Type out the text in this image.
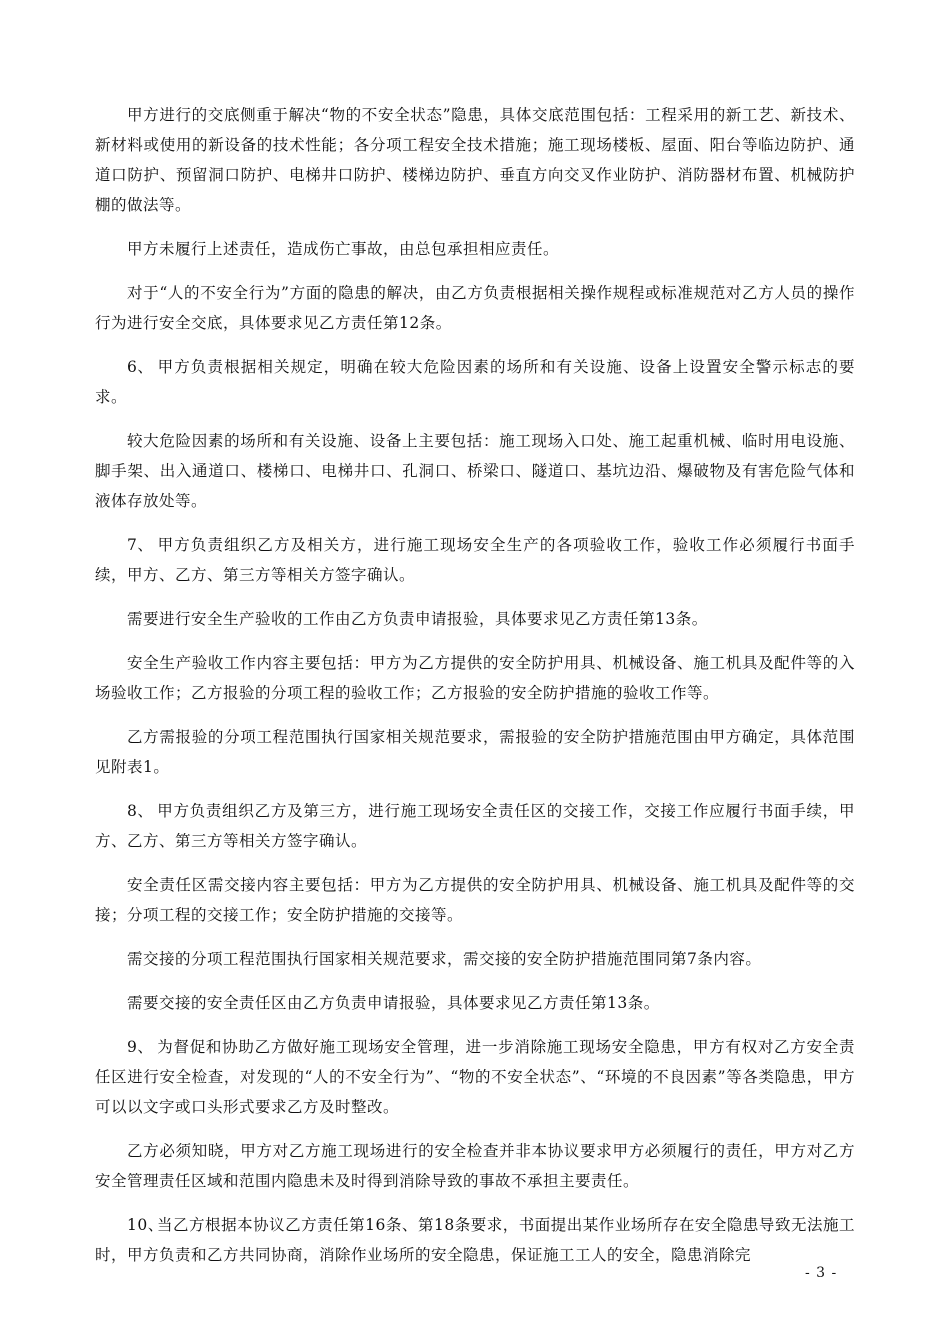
甲方进行的交底侧重于解决“物的不安全状态”隐患，具体交底范围包括：工程采用的新工艺、新技术、新材料或使用的新设备的技术性能；各分项工程安全技术措施；施工现场楼板、屋面、阳台等临边防护、通道口防护、预留洞口防护、电梯井口防护、楼梯边防护、垂直方向交叉作业防护、消防器材布置、机械防护棚的做法等。

甲方未履行上述责任，造成伤亡事故，由总包承担相应责任。

对于“人的不安全行为”方面的隐患的解决，由乙方负责根据相关操作规程或标准规范对乙方人员的操作行为进行安全交底，具体要求见乙方责任第12条。

6、 甲方负责根据相关规定，明确在较大危险因素的场所和有关设施、设备上设置安全警示标志的要求。

较大危险因素的场所和有关设施、设备上主要包括：施工现场入口处、施工起重机械、临时用电设施、脚手架、出入通道口、楼梯口、电梯井口、孔洞口、桥梁口、隧道口、基坑边沿、爆破物及有害危险气体和液体存放处等。

7、 甲方负责组织乙方及相关方，进行施工现场安全生产的各项验收工作，验收工作必须履行书面手续，甲方、乙方、第三方等相关方签字确认。

需要进行安全生产验收的工作由乙方负责申请报验，具体要求见乙方责任第13条。

安全生产验收工作内容主要包括：甲方为乙方提供的安全防护用具、机械设备、施工机具及配件等的入场验收工作；乙方报验的分项工程的验收工作；乙方报验的安全防护措施的验收工作等。

乙方需报验的分项工程范围执行国家相关规范要求，需报验的安全防护措施范围由甲方确定，具体范围见附表1。

8、 甲方负责组织乙方及第三方，进行施工现场安全责任区的交接工作，交接工作应履行书面手续，甲方、乙方、第三方等相关方签字确认。

安全责任区需交接内容主要包括：甲方为乙方提供的安全防护用具、机械设备、施工机具及配件等的交接；分项工程的交接工作；安全防护措施的交接等。

需交接的分项工程范围执行国家相关规范要求，需交接的安全防护措施范围同第7条内容。

需要交接的安全责任区由乙方负责申请报验，具体要求见乙方责任第13条。

9、 为督促和协助乙方做好施工现场安全管理，进一步消除施工现场安全隐患，甲方有权对乙方安全责任区进行安全检查，对发现的“人的不安全行为”、“物的不安全状态”、“环境的不良因素”等各类隐患，甲方可以以文字或口头形式要求乙方及时整改。

乙方必须知晓，甲方对乙方施工现场进行的安全检查并非本协议要求甲方必须履行的责任，甲方对乙方安全管理责任区域和范围内隐患未及时得到消除导致的事故不承担主要责任。

10、当乙方根据本协议乙方责任第16条、第18条要求，书面提出某作业场所存在安全隐患导致无法施工时，甲方负责和乙方共同协商，消除作业场所的安全隐患，保证施工工人的安全，隐患消除完

- 3 -
